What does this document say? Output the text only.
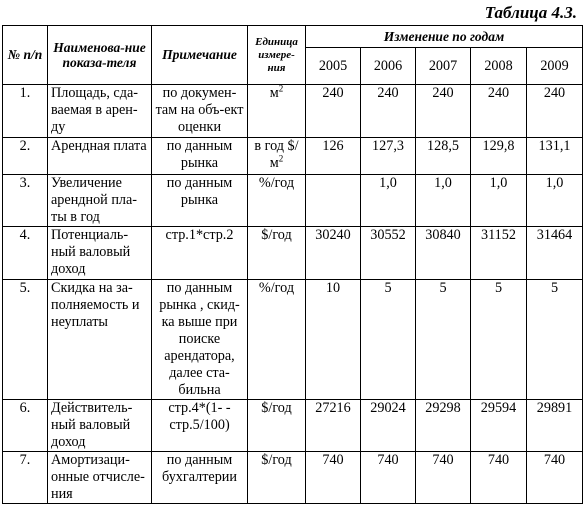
Таблица 4.3.
№ п/п	Наименова-ние показа-теля	Примечание	Единица измере-ния	Изменение по годам				
				2005	2006	2007	2008	2009
1.	Площадь, сда-ваемая в арен-ду	по докумен-там на объ-ект оценки	$м^2$	240	240	240	240	240
2.	Арендная плата	по данным рынка	в год $\$/м^2$	126	127,3	128,5	129,8	131,1
3.	Увеличение арендной пла-ты в год	по данным рынка	%/год		1,0	1,0	1,0	1,0
4.	Потенциаль-ный валовый доход	стр.1*стр.2	$/год	30240	30552	30840	31152	31464
5.	Скидка на за-полняемость и неуплаты	по данным рынка , скид-ка выше при поиске арендатора, далее ста-бильна	%/год	10	5	5	5	5
6.	Действитель-ный валовый доход	стр.4*(1- - стр.5/100)	$/год	27216	29024	29298	29594	29891
7.	Амортизаци-онные отчисле-ния	по данным бухгалтерии	$/год	740	740	740	740	740
